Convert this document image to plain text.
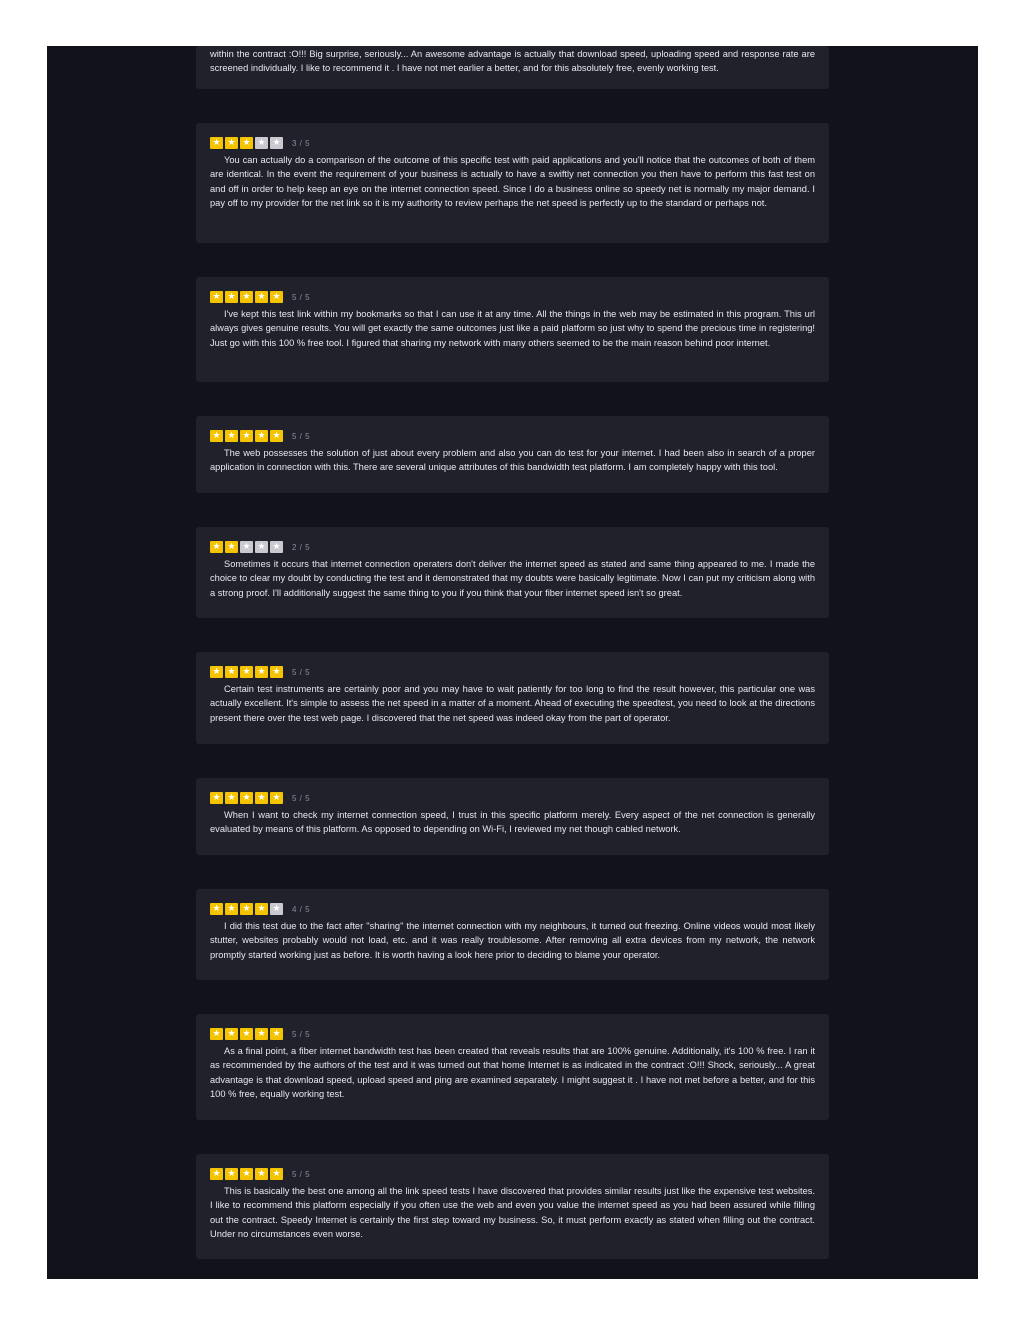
within the contract :O!!! Big surprise, seriously... An awesome advantage is actually that download speed, uploading speed and response rate are screened individually. I like to recommend it . I have not met earlier a better, and for this absolutely free, evenly working test.

★ ★ ★ ★ ★	3 / 5

You can actually do a comparison of the outcome of this specific test with paid applications and you'll notice that the outcomes of both of them are identical. In the event the requirement of your business is actually to have a swiftly net connection you then have to perform this fast test on and off in order to help keep an eye on the internet connection speed. Since I do a business online so speedy net is normally my major demand. I pay off to my provider for the net link so it is my authority to review perhaps the net speed is perfectly up to the standard or perhaps not.

★ ★ ★ ★ ★	5 / 5

I've kept this test link within my bookmarks so that I can use it at any time. All the things in the web may be estimated in this program. This url always gives genuine results. You will get exactly the same outcomes just like a paid platform so just why to spend the precious time in registering! Just go with this 100 % free tool. I figured that sharing my network with many others seemed to be the main reason behind poor internet.

★ ★ ★ ★ ★	5 / 5

The web possesses the solution of just about every problem and also you can do test for your internet. I had been also in search of a proper application in connection with this. There are several unique attributes of this bandwidth test platform. I am completely happy with this tool.

★ ★ ★ ★ ★	2 / 5

Sometimes it occurs that internet connection operaters don't deliver the internet speed as stated and same thing appeared to me. I made the choice to clear my doubt by conducting the test and it demonstrated that my doubts were basically legitimate. Now I can put my criticism along with a strong proof. I'll additionally suggest the same thing to you if you think that your fiber internet speed isn't so great.

★ ★ ★ ★ ★	5 / 5

Certain test instruments are certainly poor and you may have to wait patiently for too long to find the result however, this particular one was actually excellent. It's simple to assess the net speed in a matter of a moment. Ahead of executing the speedtest, you need to look at the directions present there over the test web page. I discovered that the net speed was indeed okay from the part of operator.

★ ★ ★ ★ ★	5 / 5

When I want to check my internet connection speed, I trust in this specific platform merely. Every aspect of the net connection is generally evaluated by means of this platform. As opposed to depending on Wi-Fi, I reviewed my net though cabled network.

★ ★ ★ ★ ★	4 / 5

I did this test due to the fact after "sharing" the internet connection with my neighbours, it turned out freezing. Online videos would most likely stutter, websites probably would not load, etc. and it was really troublesome. After removing all extra devices from my network, the network promptly started working just as before. It is worth having a look here prior to deciding to blame your operator.

★ ★ ★ ★ ★	5 / 5

As a final point, a fiber internet bandwidth test has been created that reveals results that are 100% genuine. Additionally, it's 100 % free. I ran it as recommended by the authors of the test and it was turned out that home Internet is as indicated in the contract :O!!! Shock, seriously... A great advantage is that download speed, upload speed and ping are examined separately. I might suggest it . I have not met before a better, and for this 100 % free, equally working test.

★ ★ ★ ★ ★	5 / 5

This is basically the best one among all the link speed tests I have discovered that provides similar results just like the expensive test websites. I like to recommend this platform especially if you often use the web and even you value the internet speed as you had been assured while filling out the contract. Speedy Internet is certainly the first step toward my business. So, it must perform exactly as stated when filling out the contract. Under no circumstances even worse.
